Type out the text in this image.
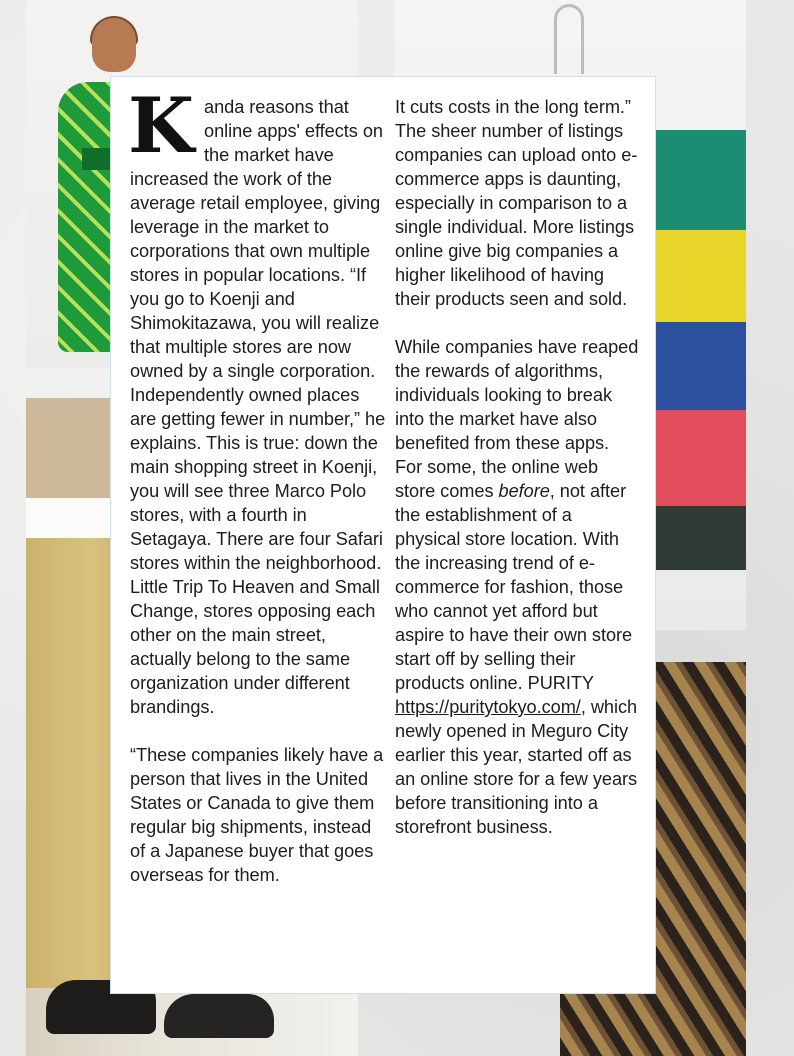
Kanda reasons that online apps' effects on the market have increased the work of the average retail employee, giving leverage in the market to corporations that own multiple stores in popular locations. “If you go to Koenji and Shimokitazawa, you will realize that multiple stores are now owned by a single corporation. Independently owned places are getting fewer in number,” he explains. This is true: down the main shopping street in Koenji, you will see three Marco Polo stores, with a fourth in Setagaya. There are four Safari stores within the neighborhood. Little Trip To Heaven and Small Change, stores opposing each other on the main street, actually belong to the same organization under different brandings.

“These companies likely have a person that lives in the United States or Canada to give them regular big shipments, instead of a Japanese buyer that goes overseas for them.

It cuts costs in the long term.” The sheer number of listings companies can upload onto e-commerce apps is daunting, especially in comparison to a single individual. More listings online give big companies a higher likelihood of having their products seen and sold.

While companies have reaped the rewards of algorithms, individuals looking to break into the market have also benefited from these apps. For some, the online web store comes before, not after the establishment of a physical store location. With the increasing trend of e-commerce for fashion, those who cannot yet afford but aspire to have their own store start off by selling their products online. PURITY https://puritytokyo.com/, which newly opened in Meguro City earlier this year, started off as an online store for a few years before transitioning into a storefront business.
